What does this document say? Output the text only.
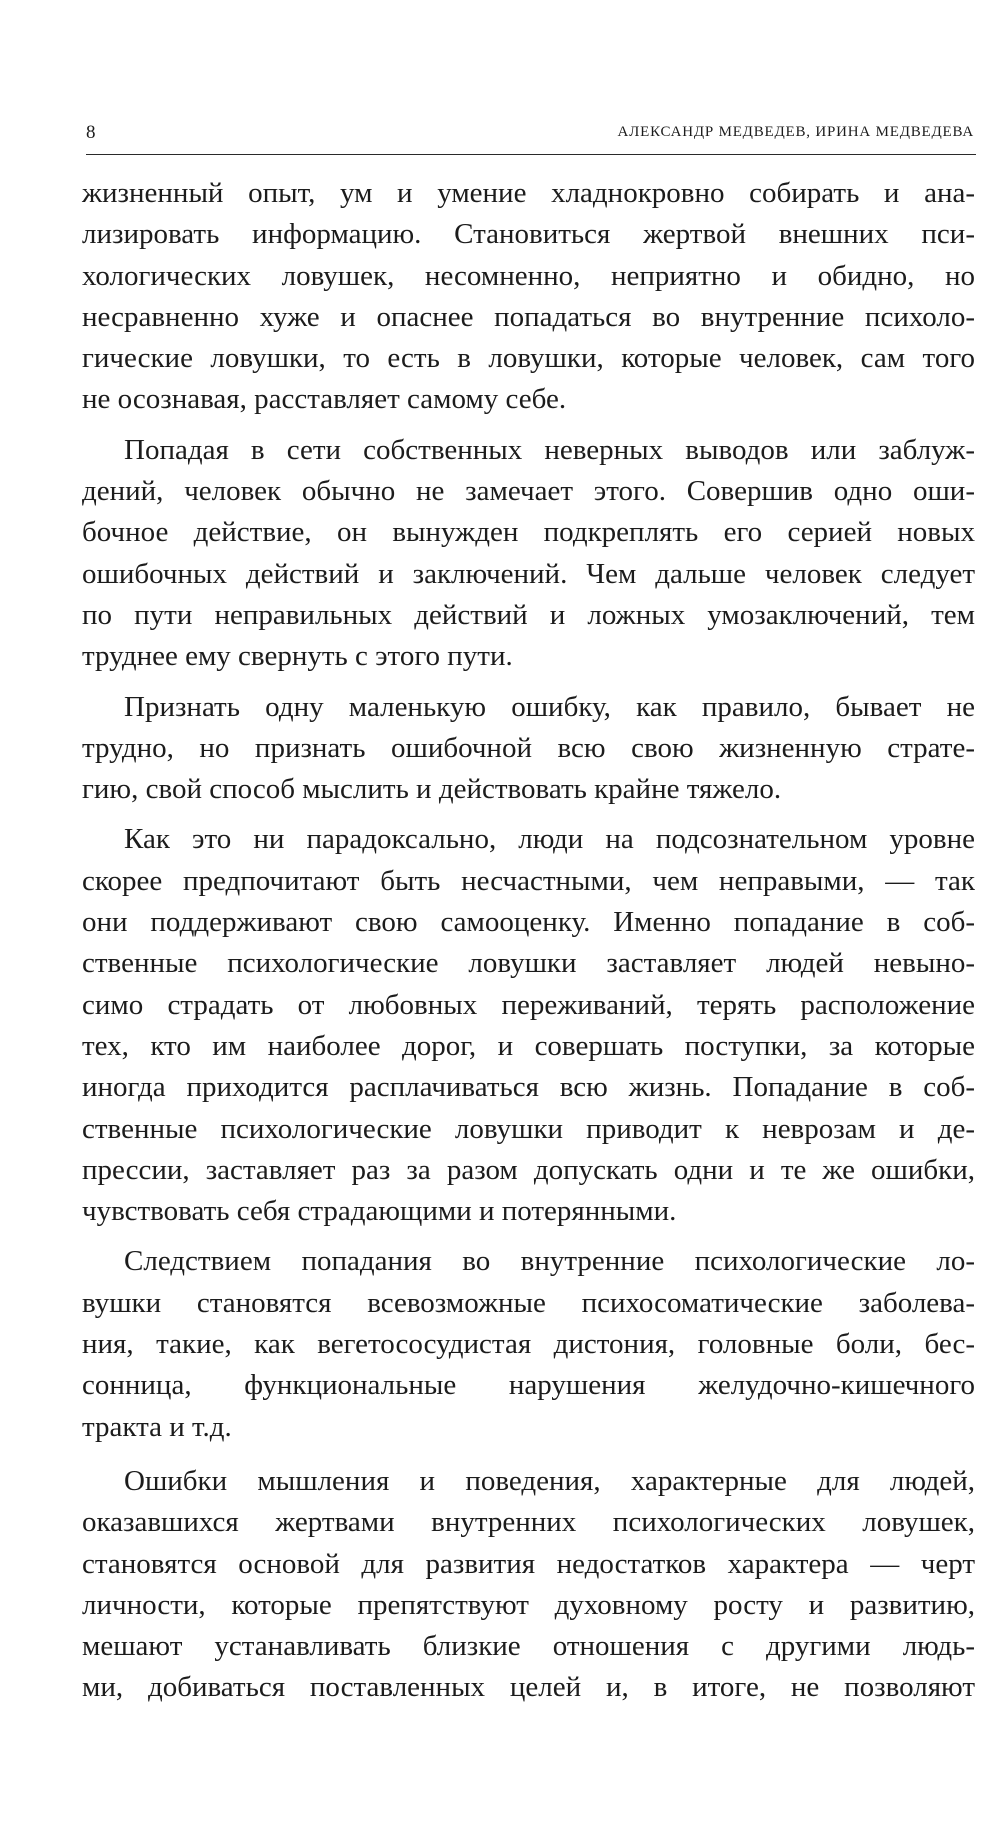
8	АЛЕКСАНДР МЕДВЕДЕВ, ИРИНА МЕДВЕДЕВА
жизненный опыт, ум и умение хладнокровно собирать и ана-
лизировать информацию. Становиться жертвой внешних пси-
хологических ловушек, несомненно, неприятно и обидно, но
несравненно хуже и опаснее попадаться во внутренние психоло-
гические ловушки, то есть в ловушки, которые человек, сам того
не осознавая, расставляет самому себе.
Попадая в сети собственных неверных выводов или заблуж-
дений, человек обычно не замечает этого. Совершив одно оши-
бочное действие, он вынужден подкреплять его серией новых
ошибочных действий и заключений. Чем дальше человек следует
по пути неправильных действий и ложных умозаключений, тем
труднее ему свернуть с этого пути.
Признать одну маленькую ошибку, как правило, бывает не
трудно, но признать ошибочной всю свою жизненную страте-
гию, свой способ мыслить и действовать крайне тяжело.
Как это ни парадоксально, люди на подсознательном уровне
скорее предпочитают быть несчастными, чем неправыми, — так
они поддерживают свою самооценку. Именно попадание в соб-
ственные психологические ловушки заставляет людей невыно-
симо страдать от любовных переживаний, терять расположение
тех, кто им наиболее дорог, и совершать поступки, за которые
иногда приходится расплачиваться всю жизнь. Попадание в соб-
ственные психологические ловушки приводит к неврозам и де-
прессии, заставляет раз за разом допускать одни и те же ошибки,
чувствовать себя страдающими и потерянными.
Следствием попадания во внутренние психологические ло-
вушки становятся всевозможные психосоматические заболева-
ния, такие, как вегетососудистая дистония, головные боли, бес-
сонница, функциональные нарушения желудочно-кишечного
тракта и т.д.
Ошибки мышления и поведения, характерные для людей,
оказавшихся жертвами внутренних психологических ловушек,
становятся основой для развития недостатков характера — черт
личности, которые препятствуют духовному росту и развитию,
мешают устанавливать близкие отношения с другими людь-
ми, добиваться поставленных целей и, в итоге, не позволяют
